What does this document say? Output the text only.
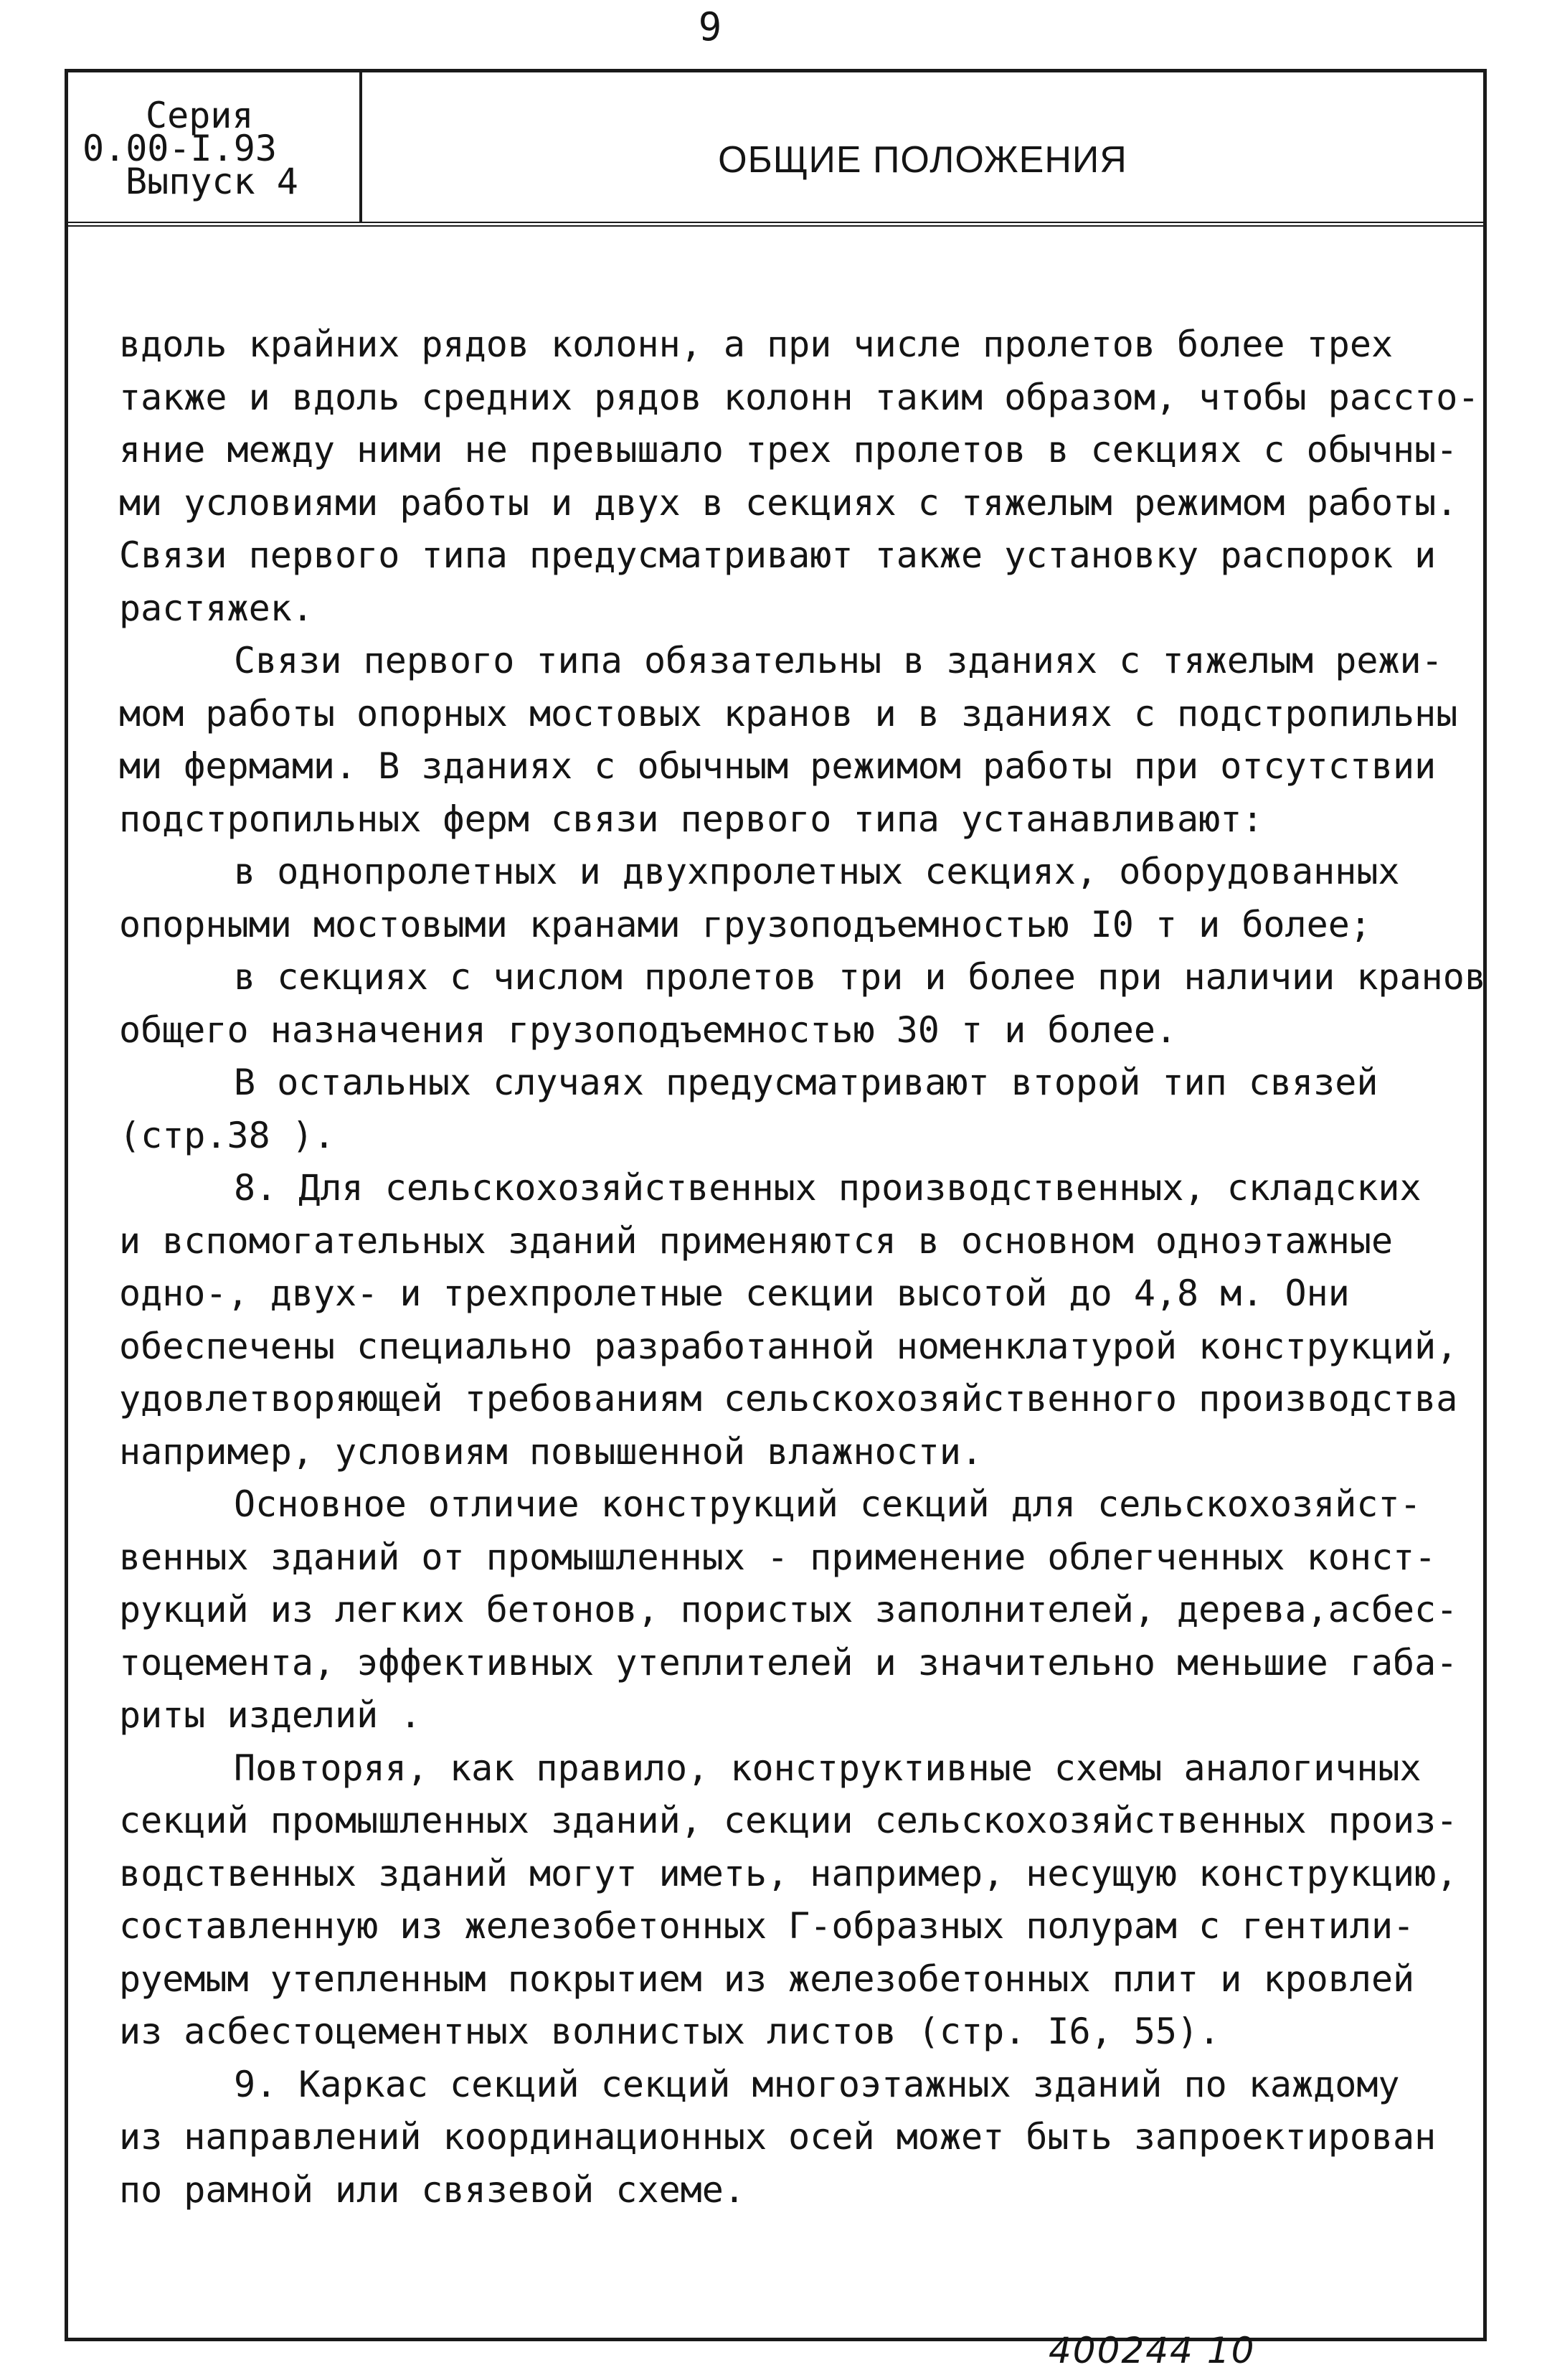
9
Серия
0.00-I.93
Выпуск 4
ОБЩИЕ ПОЛОЖЕНИЯ
вдоль крайних рядов колонн, а при числе пролетов более трех
также и вдоль средних рядов колонн таким образом, чтобы рассто-
яние между ними не превышало трех пролетов в секциях с обычны-
ми условиями работы и двух в секциях с тяжелым режимом работы.
Связи первого типа предусматривают также установку распорок и
растяжек.
Связи первого типа обязательны в зданиях с тяжелым режи-
мом работы опорных мостовых кранов и в зданиях с подстропильны
ми фермами. В зданиях с обычным режимом работы при отсутствии
подстропильных ферм связи первого типа устанавливают:
в однопролетных и двухпролетных секциях, оборудованных
опорными мостовыми кранами грузоподъемностью I0 т и более;
в секциях с числом пролетов три и более при наличии кранов
общего назначения грузоподъемностью 30 т и более.
В остальных случаях предусматривают второй тип связей
(стр.38 ).
8. Для сельскохозяйственных производственных, складских
и вспомогательных зданий применяются в основном одноэтажные
одно-, двух- и трехпролетные секции высотой до 4,8 м. Они
обеспечены специально разработанной номенклатурой конструкций,
удовлетворяющей требованиям сельскохозяйственного производства
например, условиям повышенной влажности.
Основное отличие конструкций секций для сельскохозяйст-
венных зданий от промышленных - применение облегченных конст-
рукций из легких бетонов, пористых заполнителей, дерева,асбес-
тоцемента, эффективных утеплителей и значительно меньшие габа-
риты изделий .
Повторяя, как правило, конструктивные схемы аналогичных
секций промышленных зданий, секции сельскохозяйственных произ-
водственных зданий могут иметь, например, несущую конструкцию,
составленную из железобетонных Г-образных полурам с гентили-
руемым утепленным покрытием из железобетонных плит и кровлей
из асбестоцементных волнистых листов (стр. I6, 55).
9. Каркас секций секций многоэтажных зданий по каждому
из направлений координационных осей может быть запроектирован
по рамной или связевой схеме.
400244 10
